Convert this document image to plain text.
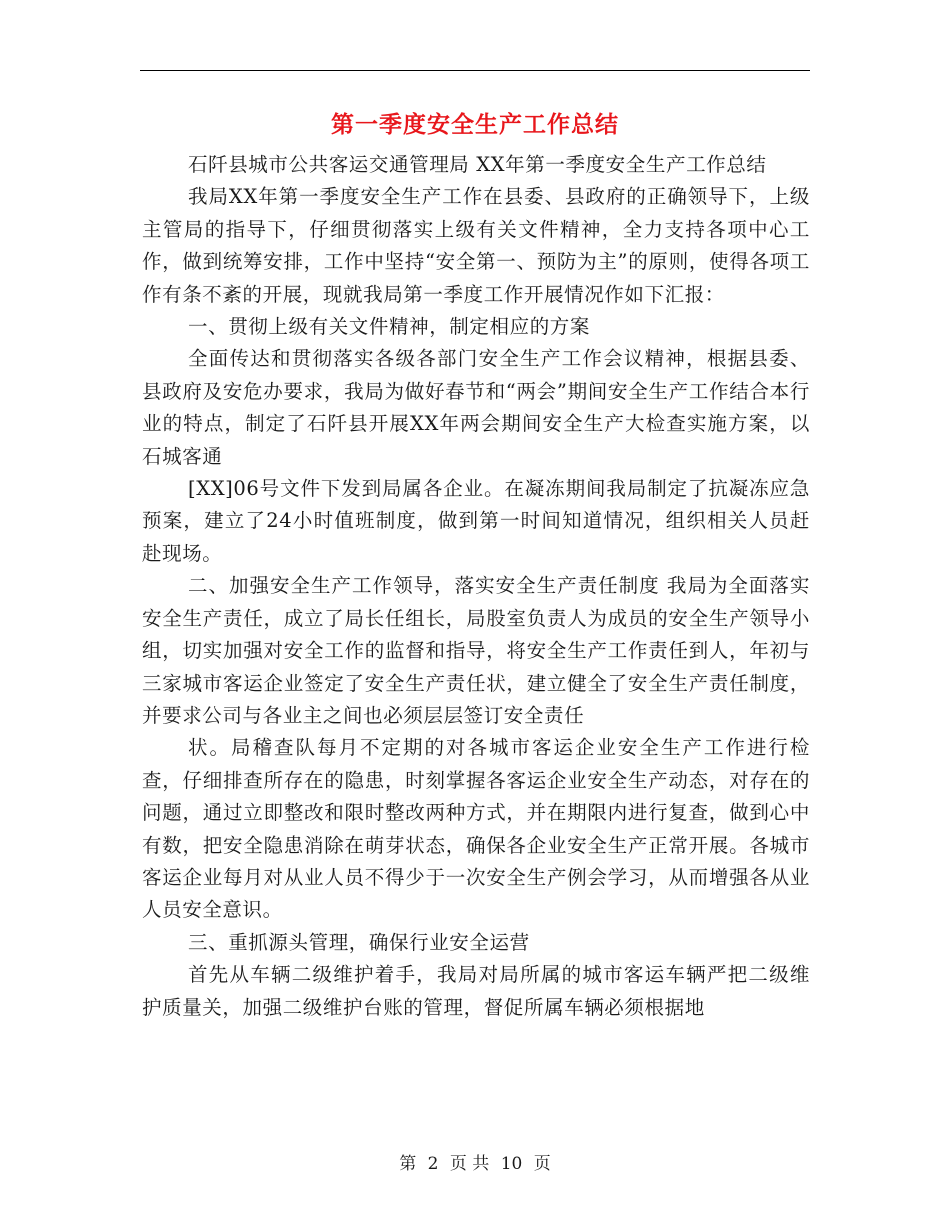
第一季度安全生产工作总结

石阡县城市公共客运交通管理局 XX年第一季度安全生产工作总结

我局XX年第一季度安全生产工作在县委、县政府的正确领导下，上级主管局的指导下，仔细贯彻落实上级有关文件精神，全力支持各项中心工作，做到统筹安排，工作中坚持“安全第一、预防为主”的原则，使得各项工作有条不紊的开展，现就我局第一季度工作开展情况作如下汇报：

一、贯彻上级有关文件精神，制定相应的方案

全面传达和贯彻落实各级各部门安全生产工作会议精神，根据县委、县政府及安危办要求，我局为做好春节和“两会”期间安全生产工作结合本行业的特点，制定了石阡县开展XX年两会期间安全生产大检查实施方案，以石城客通

[XX]06号文件下发到局属各企业。在凝冻期间我局制定了抗凝冻应急预案，建立了24小时值班制度，做到第一时间知道情况，组织相关人员赶赴现场。

二、加强安全生产工作领导，落实安全生产责任制度 我局为全面落实安全生产责任，成立了局长任组长，局股室负责人为成员的安全生产领导小组，切实加强对安全工作的监督和指导，将安全生产工作责任到人，年初与三家城市客运企业签定了安全生产责任状，建立健全了安全生产责任制度，并要求公司与各业主之间也必须层层签订安全责任

状。局稽查队每月不定期的对各城市客运企业安全生产工作进行检查，仔细排查所存在的隐患，时刻掌握各客运企业安全生产动态，对存在的问题，通过立即整改和限时整改两种方式，并在期限内进行复查，做到心中有数，把安全隐患消除在萌芽状态，确保各企业安全生产正常开展。各城市客运企业每月对从业人员不得少于一次安全生产例会学习，从而增强各从业人员安全意识。

三、重抓源头管理，确保行业安全运营

首先从车辆二级维护着手，我局对局所属的城市客运车辆严把二级维护质量关，加强二级维护台账的管理，督促所属车辆必须根据地

第 2 页 共 10 页
